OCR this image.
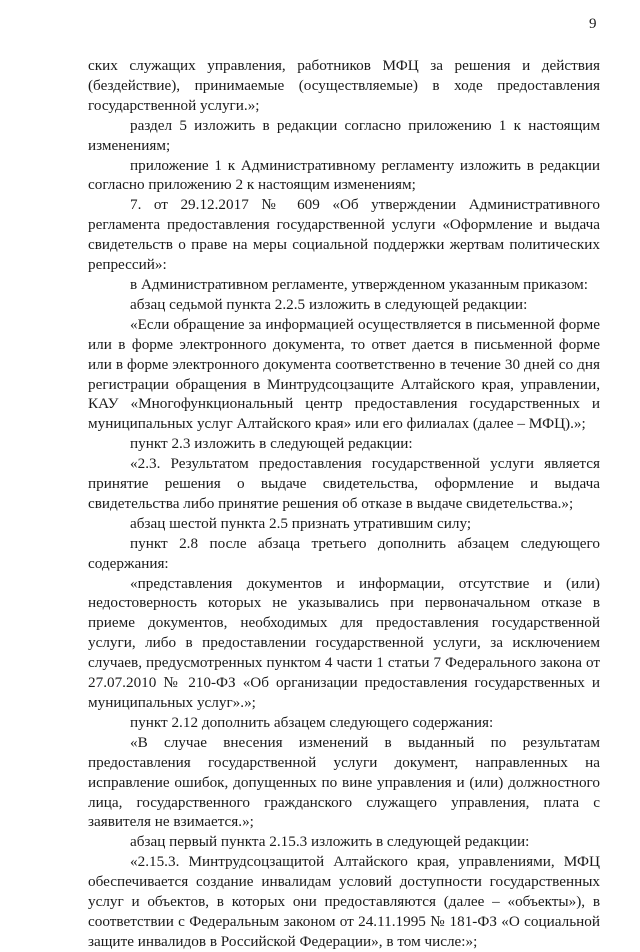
9

ских служащих управления, работников МФЦ за решения и действия (бездействие), принимаемые (осуществляемые) в ходе предоставления государственной услуги.»;

раздел 5 изложить в редакции согласно приложению 1 к настоящим изменениям;

приложение 1 к Административному регламенту изложить в редакции согласно приложению 2 к настоящим изменениям;

7. от 29.12.2017 № 609 «Об утверждении Административного регламента предоставления государственной услуги «Оформление и выдача свидетельств о праве на меры социальной поддержки жертвам политических репрессий»:

в Административном регламенте, утвержденном указанным приказом:

абзац седьмой пункта 2.2.5 изложить в следующей редакции:

«Если обращение за информацией осуществляется в письменной форме или в форме электронного документа, то ответ дается в письменной форме или в форме электронного документа соответственно в течение 30 дней со дня регистрации обращения в Минтрудсоцзащите Алтайского края, управлении, КАУ «Многофункциональный центр предоставления государственных и муниципальных услуг Алтайского края» или его филиалах (далее – МФЦ).»;

пункт 2.3 изложить в следующей редакции:

«2.3. Результатом предоставления государственной услуги является принятие решения о выдаче свидетельства, оформление и выдача свидетельства либо принятие решения об отказе в выдаче свидетельства.»;

абзац шестой пункта 2.5 признать утратившим силу;

пункт 2.8 после абзаца третьего дополнить абзацем следующего содержания:

«представления документов и информации, отсутствие и (или) недостоверность которых не указывались при первоначальном отказе в приеме документов, необходимых для предоставления государственной услуги, либо в предоставлении государственной услуги, за исключением случаев, предусмотренных пунктом 4 части 1 статьи 7 Федерального закона от 27.07.2010 № 210-ФЗ «Об организации предоставления государственных и муниципальных услуг».»;

пункт 2.12 дополнить абзацем следующего содержания:

«В случае внесения изменений в выданный по результатам предоставления государственной услуги документ, направленных на исправление ошибок, допущенных по вине управления и (или) должностного лица, государственного гражданского служащего управления, плата с заявителя не взимается.»;

абзац первый пункта 2.15.3 изложить в следующей редакции:

«2.15.3. Минтрудсоцзащитой Алтайского края, управлениями, МФЦ обеспечивается создание инвалидам условий доступности государственных услуг и объектов, в которых они предоставляются (далее – «объекты»), в соответствии с Федеральным законом от 24.11.1995 № 181-ФЗ «О социальной защите инвалидов в Российской Федерации», в том числе:»;
